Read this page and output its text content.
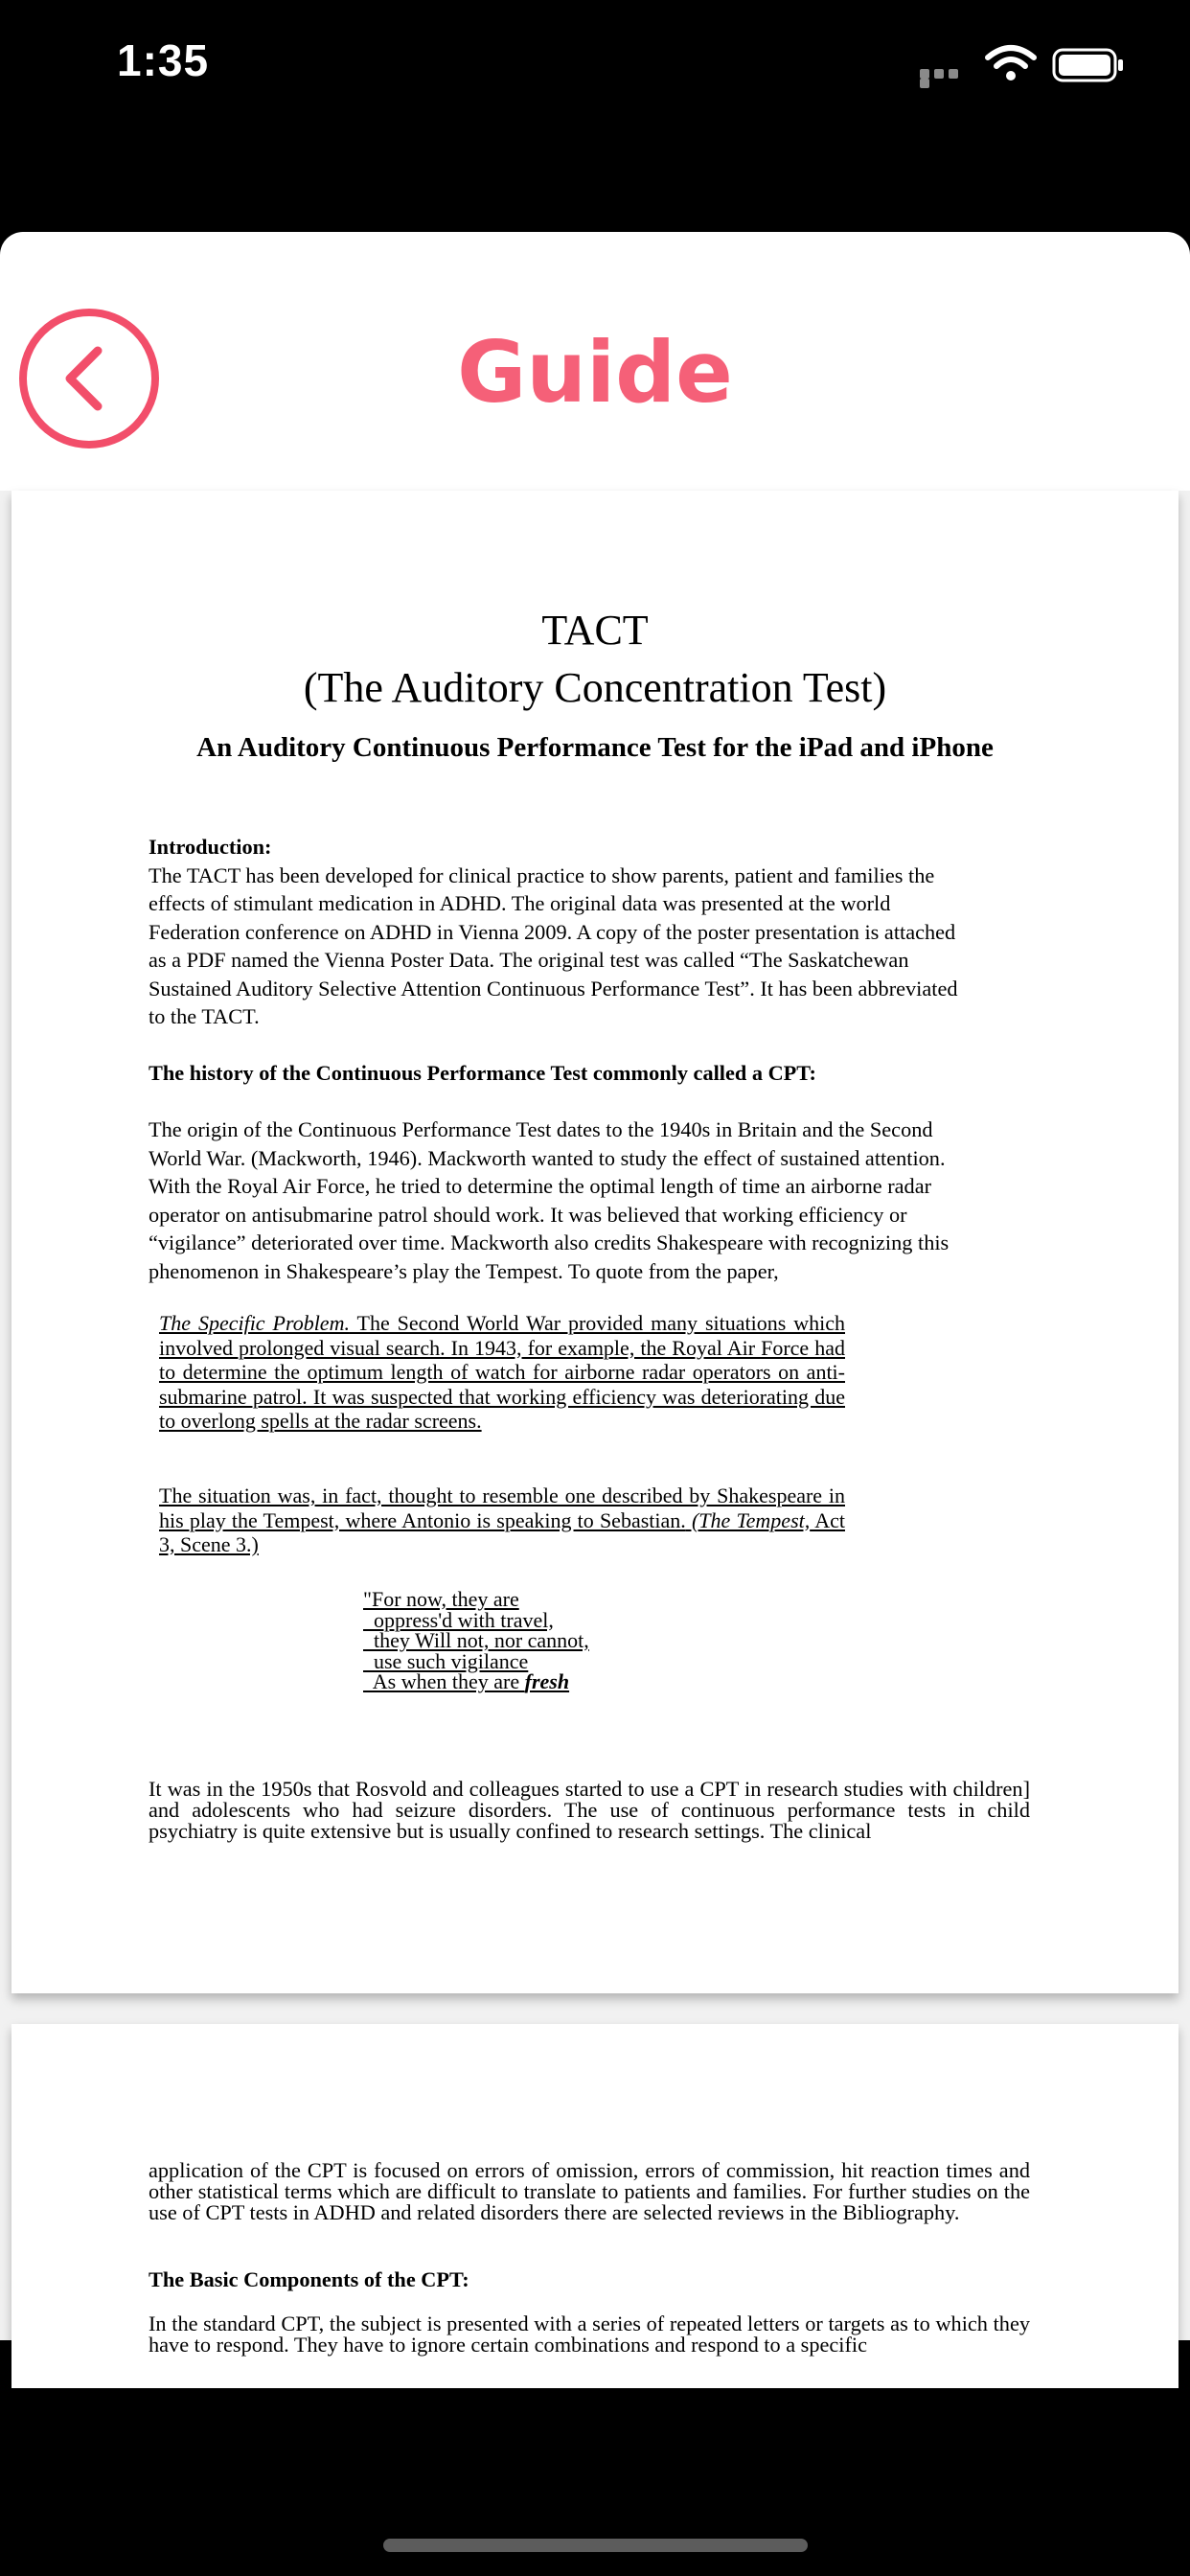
1:35
Guide
TACT
(The Auditory Concentration Test)
An Auditory Continuous Performance Test for the iPad and iPhone
Introduction:
The TACT has been developed for clinical practice to show parents, patient and families the
effects of stimulant medication in ADHD. The original data was presented at the world
Federation conference on ADHD in Vienna 2009. A copy of the poster presentation is attached
as a PDF named the Vienna Poster Data. The original test was called “The Saskatchewan
Sustained Auditory Selective Attention Continuous Performance Test”. It has been abbreviated
to the TACT.
The history of the Continuous Performance Test commonly called a CPT:
The origin of the Continuous Performance Test dates to the 1940s in Britain and the Second
World War. (Mackworth, 1946). Mackworth wanted to study the effect of sustained attention.
With the Royal Air Force, he tried to determine the optimal length of time an airborne radar
operator on antisubmarine patrol should work. It was believed that working efficiency or
“vigilance” deteriorated over time. Mackworth also credits Shakespeare with recognizing this
phenomenon in Shakespeare’s play the Tempest. To quote from the paper,
The Specific Problem. The Second World War provided many situations which involved prolonged visual search. In 1943, for example, the Royal Air Force had to determine the optimum length of watch for airborne radar operators on anti-submarine patrol. It was suspected that working efficiency was deteriorating due to overlong spells at the radar screens.
The situation was, in fact, thought to resemble one described by Shakespeare in his play the Tempest, where Antonio is speaking to Sebastian. (The Tempest, Act 3, Scene 3.)
"For now, they are
oppress'd with travel,
they Will not, nor cannot,
use such vigilance
As when they are fresh
It was in the 1950s that Rosvold and colleagues started to use a CPT in research studies with children] and adolescents who had seizure disorders. The use of continuous performance tests in child psychiatry is quite extensive but is usually confined to research settings. The clinical
application of the CPT is focused on errors of omission, errors of commission, hit reaction times and other statistical terms which are difficult to translate to patients and families. For further studies on the use of CPT tests in ADHD and related disorders there are selected reviews in the Bibliography.
The Basic Components of the CPT:
In the standard CPT, the subject is presented with a series of repeated letters or targets as to which they have to respond. They have to ignore certain combinations and respond to a specific
